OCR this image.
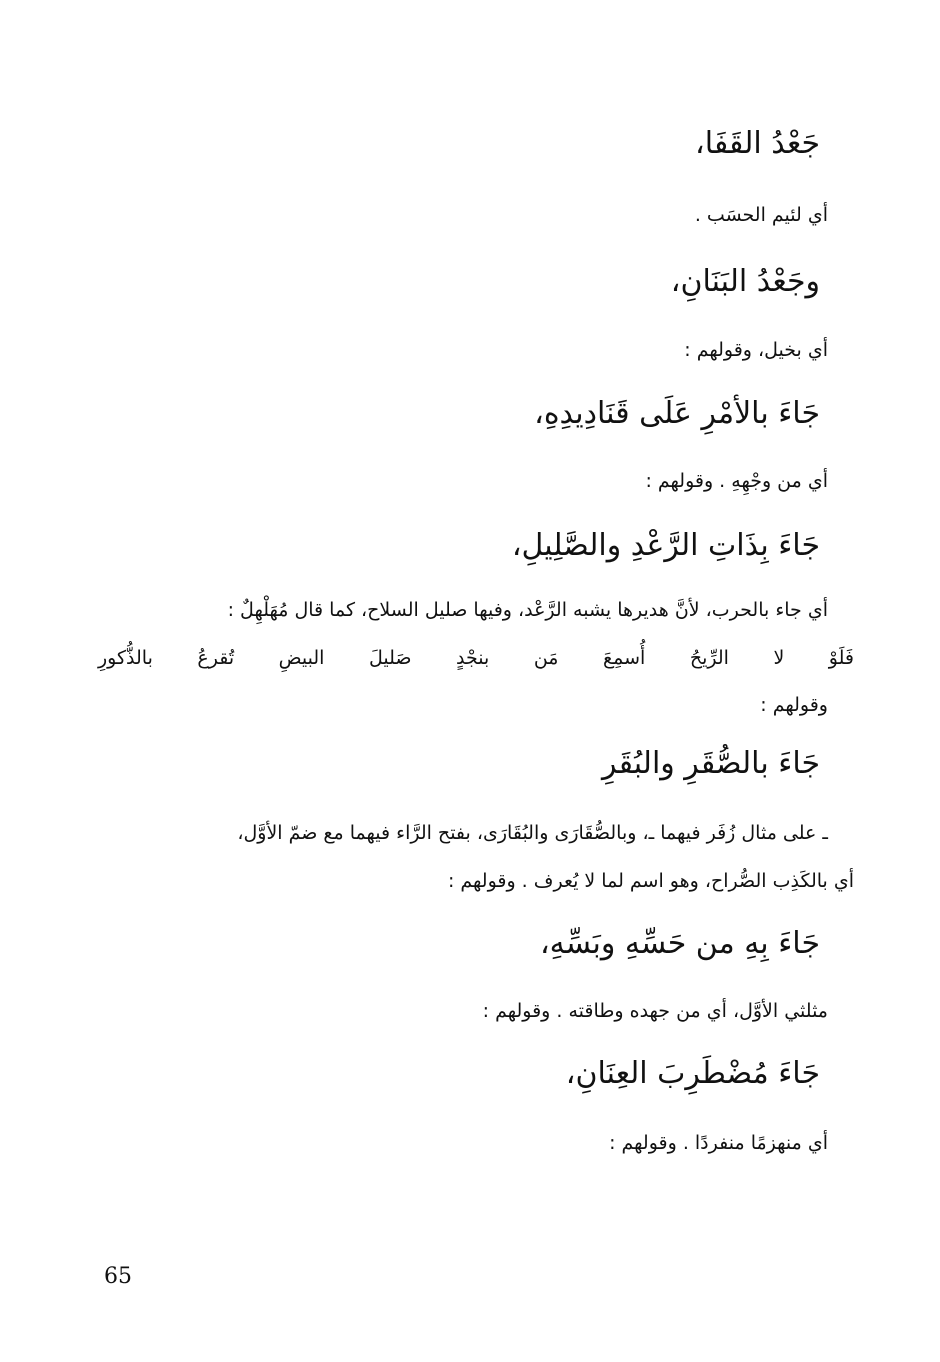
جَعْدُ القَفَا،

أي لئيم الحسَب .

وجَعْدُ البَنَانِ،

أي بخيل، وقولهم :

جَاءَ بالأمْرِ عَلَى قَنَادِيدِهِ،

أي من وجْهِهِ . وقولهم :

جَاءَ بِذَاتِ الرَّعْدِ والصَّلِيلِ،

أي جاء بالحرب، لأنَّ هديرها يشبه الرَّعْد، وفيها صليل السلاح، كما قال مُهَلْهِلٌ :

فَلَوْ لا الرِّيحُ أُسمِعَ مَن بنجْدٍ صَليلَ البيضِ تُقرعُ بالذُّكورِ

وقولهم :

جَاءَ بالصُّقَرِ والبُقَرِ

ـ على مثال زُفَر فيهما ـ، وبالصُّقَارَى والبُقَارَى، بفتح الرَّاء فيهما مع ضمّ الأوَّل،

أي بالكَذِب الصُّراح، وهو اسم لما لا يُعرف . وقولهم :

جَاءَ بِهِ من حَسِّهِ وبَسِّهِ،

مثلثي الأوَّل، أي من جهده وطاقته . وقولهم :

جَاءَ مُضْطَرِبَ العِنَانِ،

أي منهزمًا منفردًا . وقولهم :

65
